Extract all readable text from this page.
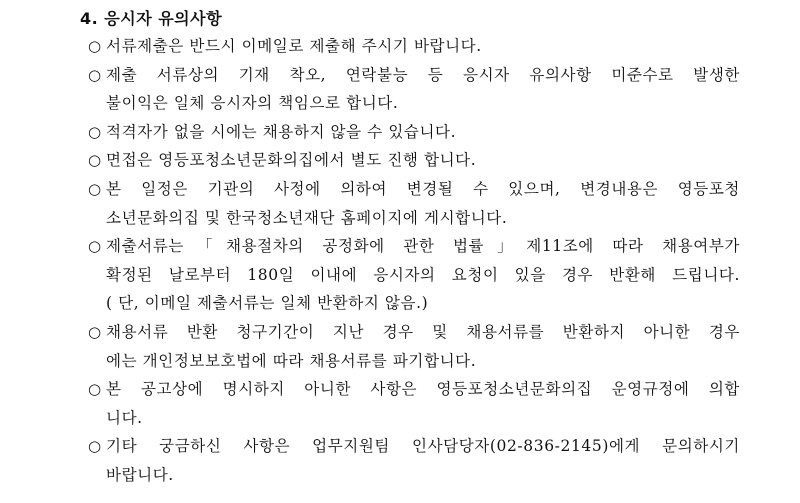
4. 응시자 유의사항
○ 서류제출은 반드시 이메일로 제출해 주시기 바랍니다.
○ 제출 서류상의 기재 착오, 연락불능 등 응시자 유의사항 미준수로 발생한
불이익은 일체 응시자의 책임으로 합니다.
○ 적격자가 없을 시에는 채용하지 않을 수 있습니다.
○ 면접은 영등포청소년문화의집에서 별도 진행 합니다.
○ 본 일정은 기관의 사정에 의하여 변경될 수 있으며, 변경내용은 영등포청
소년문화의집 및 한국청소년재단 홈페이지에 게시합니다.
○ 제출서류는「채용절차의 공정화에 관한 법률」제11조에 따라 채용여부가
확정된 날로부터 180일 이내에 응시자의 요청이 있을 경우 반환해 드립니다.
( 단, 이메일 제출서류는 일체 반환하지 않음.)
○ 채용서류 반환 청구기간이 지난 경우 및 채용서류를 반환하지 아니한 경우
에는 개인정보보호법에 따라 채용서류를 파기합니다.
○ 본 공고상에 명시하지 아니한 사항은 영등포청소년문화의집 운영규정에 의합
니다.
○ 기타 궁금하신 사항은 업무지원팀 인사담당자(02-836-2145)에게 문의하시기
바랍니다.
